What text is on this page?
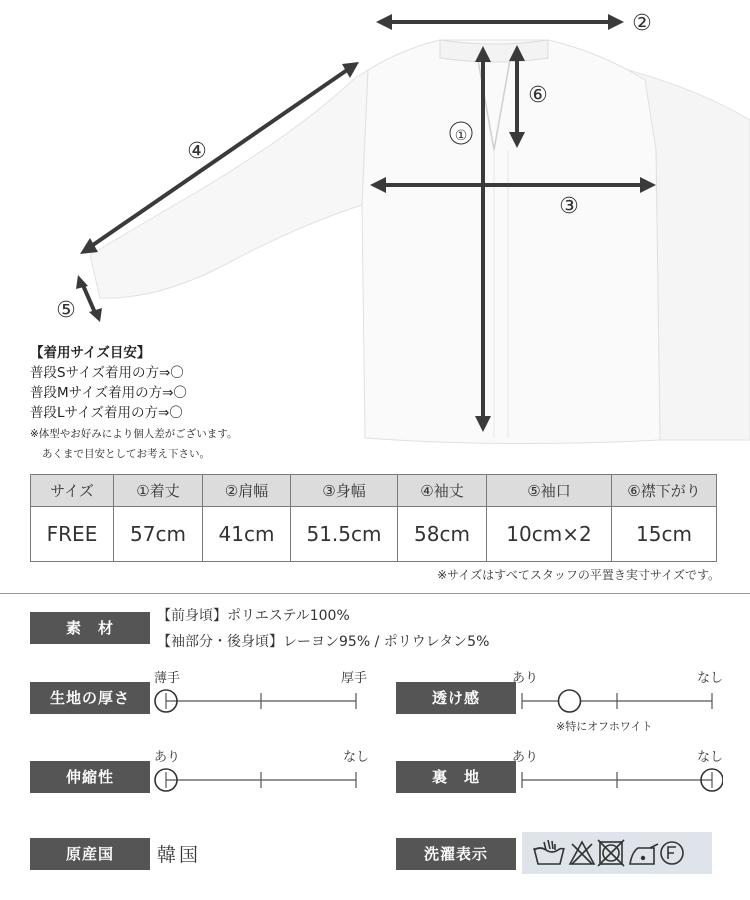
①
②
③
④
⑤
⑥
【着用サイズ目安】
普段Sサイズ着用の方⇒〇
普段Mサイズ着用の方⇒〇
普段Lサイズ着用の方⇒〇
※体型やお好みにより個人差がございます。
あくまで目安としてお考え下さい。
サイズ	①着丈	②肩幅	③身幅	④袖丈	⑤袖口	⑥襟下がり
FREE	57cm	41cm	51.5cm	58cm	10cm×2	15cm
※サイズはすべてスタッフの平置き実寸サイズです。
素　材
【前身頃】ポリエステル100%
【袖部分・後身頃】レーヨン95% / ポリウレタン5%
生地の厚さ
薄手	厚手
透け感
あり	なし
※特にオフホワイト
伸縮性
あり	なし
裏　地
あり	なし
原産国	韓国	洗濯表示
